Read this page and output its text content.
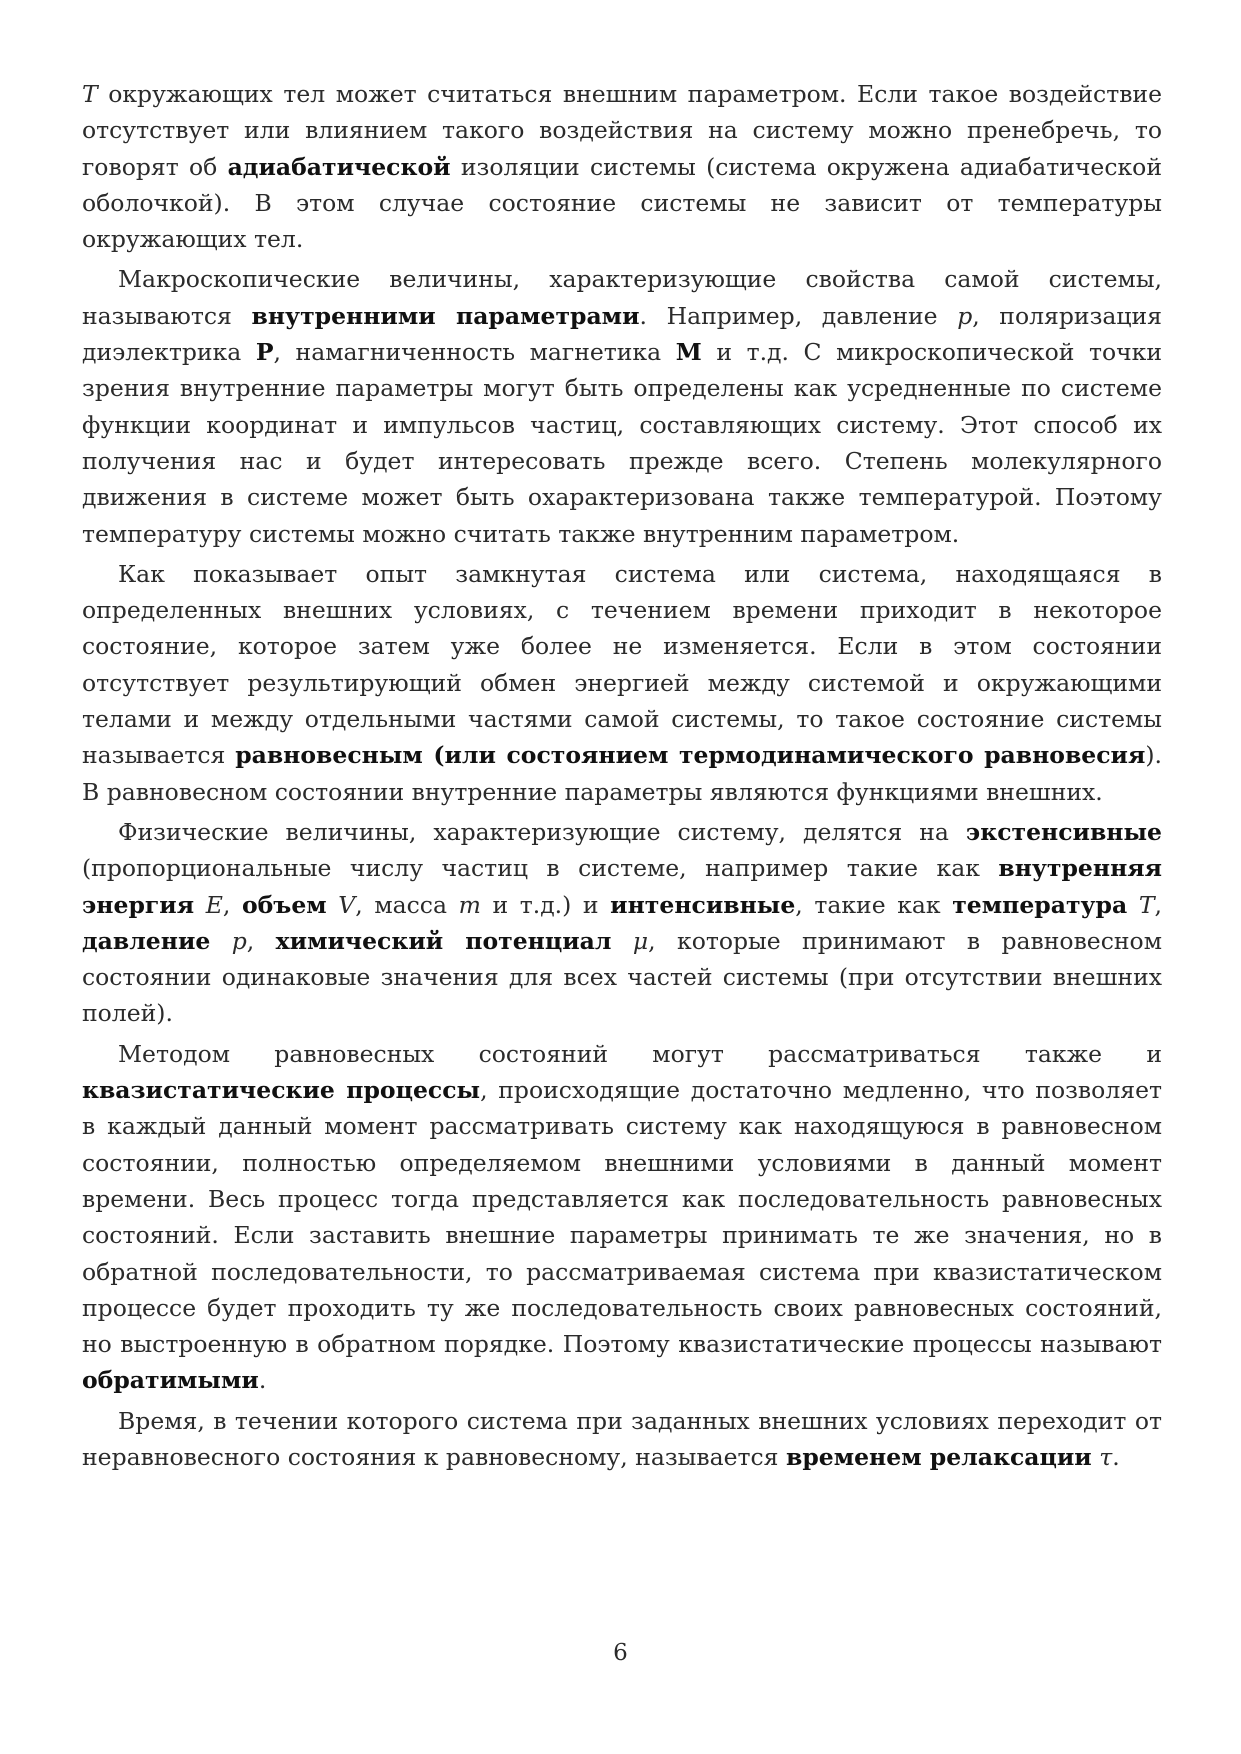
T окружающих тел может считаться внешним параметром. Если такое воздействие отсутствует или влиянием такого воздействия на систему можно пренебречь, то говорят об адиабатической изоляции системы (система окружена адиабатической оболочкой). В этом случае состояние системы не зависит от температуры окружающих тел.

Макроскопические величины, характеризующие свойства самой системы, называются внутренними параметрами. Например, давление p, поляризация диэлектрика P, намагниченность магнетика M и т.д. С микроскопической точки зрения внутренние параметры могут быть определены как усредненные по системе функции координат и импульсов частиц, составляющих систему. Этот способ их получения нас и будет интересовать прежде всего. Степень молекулярного движения в системе может быть охарактеризована также температурой. Поэтому температуру системы можно считать также внутренним параметром.

Как показывает опыт замкнутая система или система, находящаяся в определенных внешних условиях, с течением времени приходит в некоторое состояние, которое затем уже более не изменяется. Если в этом состоянии отсутствует результирующий обмен энергией между системой и окружающими телами и между отдельными частями самой системы, то такое состояние системы называется равновесным (или состоянием термодинамического равновесия). В равновесном состоянии внутренние параметры являются функциями внешних.

Физические величины, характеризующие систему, делятся на экстенсивные (пропорциональные числу частиц в системе, например такие как внутренняя энергия E, объем V, масса m и т.д.) и интенсивные, такие как температура T, давление p, химический потенциал μ, которые принимают в равновесном состоянии одинаковые значения для всех частей системы (при отсутствии внешних полей).

Методом равновесных состояний могут рассматриваться также и квазистатические процессы, происходящие достаточно медленно, что позволяет в каждый данный момент рассматривать систему как находящуюся в равновесном состоянии, полностью определяемом внешними условиями в данный момент времени. Весь процесс тогда представляется как последовательность равновесных состояний. Если заставить внешние параметры принимать те же значения, но в обратной последовательности, то рассматриваемая система при квазистатическом процессе будет проходить ту же последовательность своих равновесных состояний, но выстроенную в обратном порядке. Поэтому квазистатические процессы называют обратимыми.

Время, в течении которого система при заданных внешних условиях переходит от неравновесного состояния к равновесному, называется временем релаксации τ.

6
